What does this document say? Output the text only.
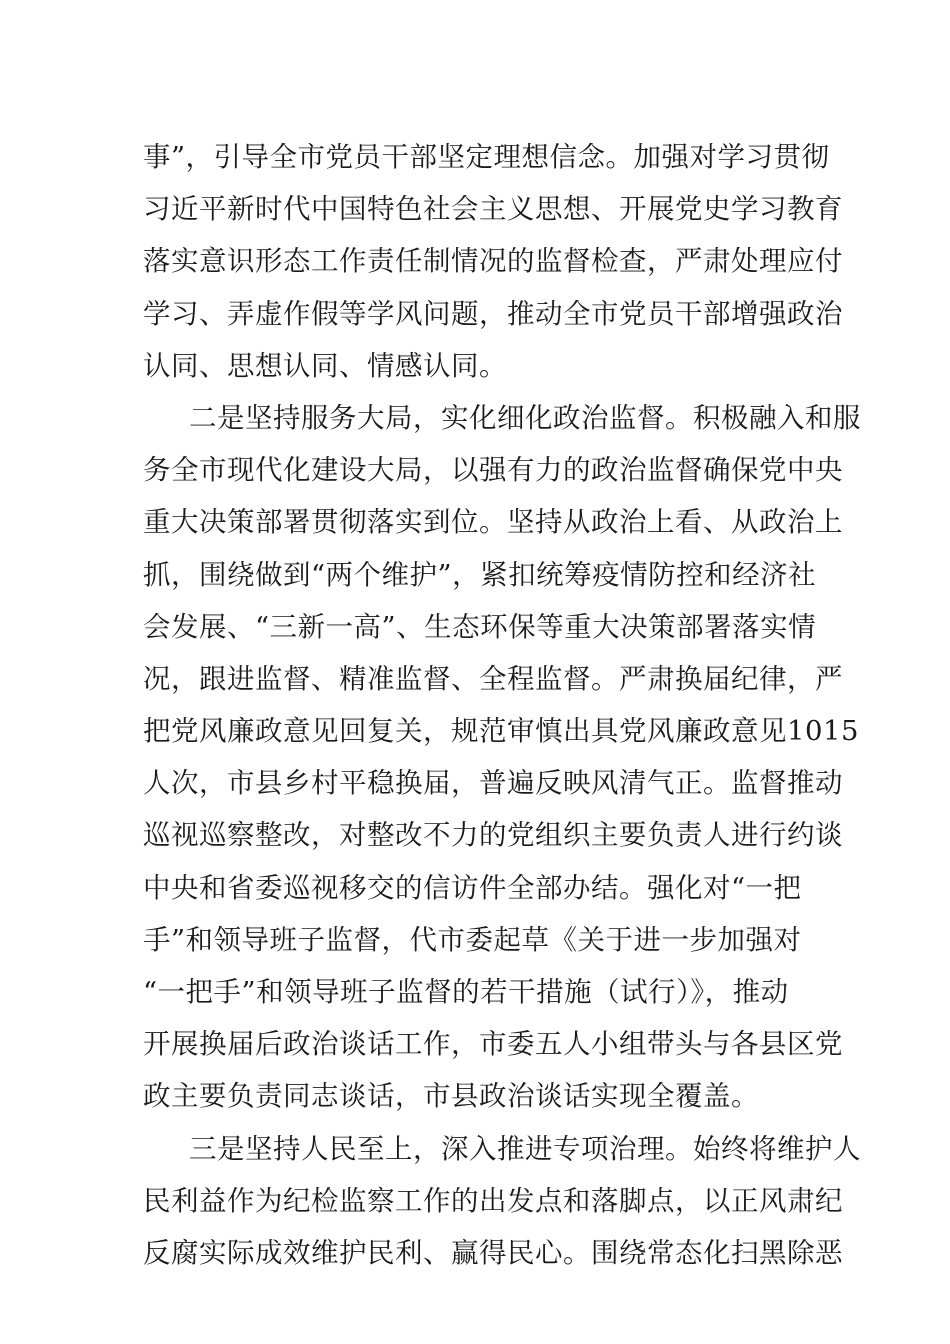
事”，引导全市党员干部坚定理想信念。加强对学习贯彻
习近平新时代中国特色社会主义思想、开展党史学习教育
落实意识形态工作责任制情况的监督检查，严肃处理应付
学习、弄虚作假等学风问题，推动全市党员干部增强政治
认同、思想认同、情感认同。
二是坚持服务大局，实化细化政治监督。积极融入和服
务全市现代化建设大局，以强有力的政治监督确保党中央
重大决策部署贯彻落实到位。坚持从政治上看、从政治上
抓，围绕做到“两个维护”，紧扣统筹疫情防控和经济社
会发展、“三新一高”、生态环保等重大决策部署落实情
况，跟进监督、精准监督、全程监督。严肃换届纪律，严
把党风廉政意见回复关，规范审慎出具党风廉政意见1015
人次，市县乡村平稳换届，普遍反映风清气正。监督推动
巡视巡察整改，对整改不力的党组织主要负责人进行约谈
中央和省委巡视移交的信访件全部办结。强化对“一把
手”和领导班子监督，代市委起草《关于进一步加强对
“一把手”和领导班子监督的若干措施（试行）》，推动
开展换届后政治谈话工作，市委五人小组带头与各县区党
政主要负责同志谈话，市县政治谈话实现全覆盖。
三是坚持人民至上，深入推进专项治理。始终将维护人
民利益作为纪检监察工作的出发点和落脚点，以正风肃纪
反腐实际成效维护民利、赢得民心。围绕常态化扫黑除恶
